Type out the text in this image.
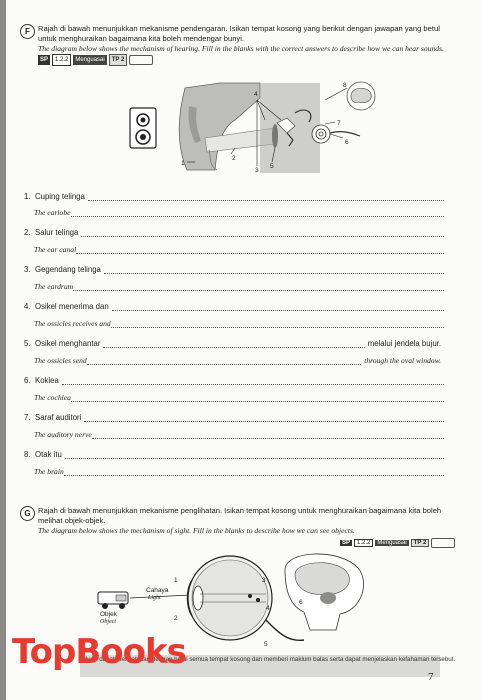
F	Rajah di bawah menunjukkan mekanisme pendengaran. Isikan tempat kosong yang berikut dengan jawapan yang betul untuk menghuraikan bagaimana kita boleh mendengar bunyi.
The diagram below shows the mechanism of hearing. Fill in the blanks with the correct answers to describe how we can hear sounds.
SP	1.2.2	Menguasai	TP 2
1
2
3
4
5
6
7
8
1. Cuping telinga
The earlobe
2. Salur telinga
The ear canal
3. Gegendang telinga
The eardrum
4. Osikel menerima dan
The ossicles receives and
5. Osikel menghantar	melalui jendela bujur.
The ossicles send	through the oval window.
6. Koklea
The cochlea
7. Saraf auditori
The auditory nerve
8. Otak itu
The brain
G Rajah di bawah menunjukkan mekanisme penglihatan. Isikan tempat kosong untuk menghuraikan bagaimana kita boleh melihat objek-objek.
The diagram below shows the mechanism of sight. Fill in the blanks to describe how we can see objects.
SP	1.2.2	Menguasai	TP 2
Objek
Object
Cahaya
Light
1
2
3
4
5
6
Murid dapat menyatakan dengan betul semua tempat kosong dan memberi maklum balas serta dapat menjelaskan kefahaman tersebut.
TopBooks
7
